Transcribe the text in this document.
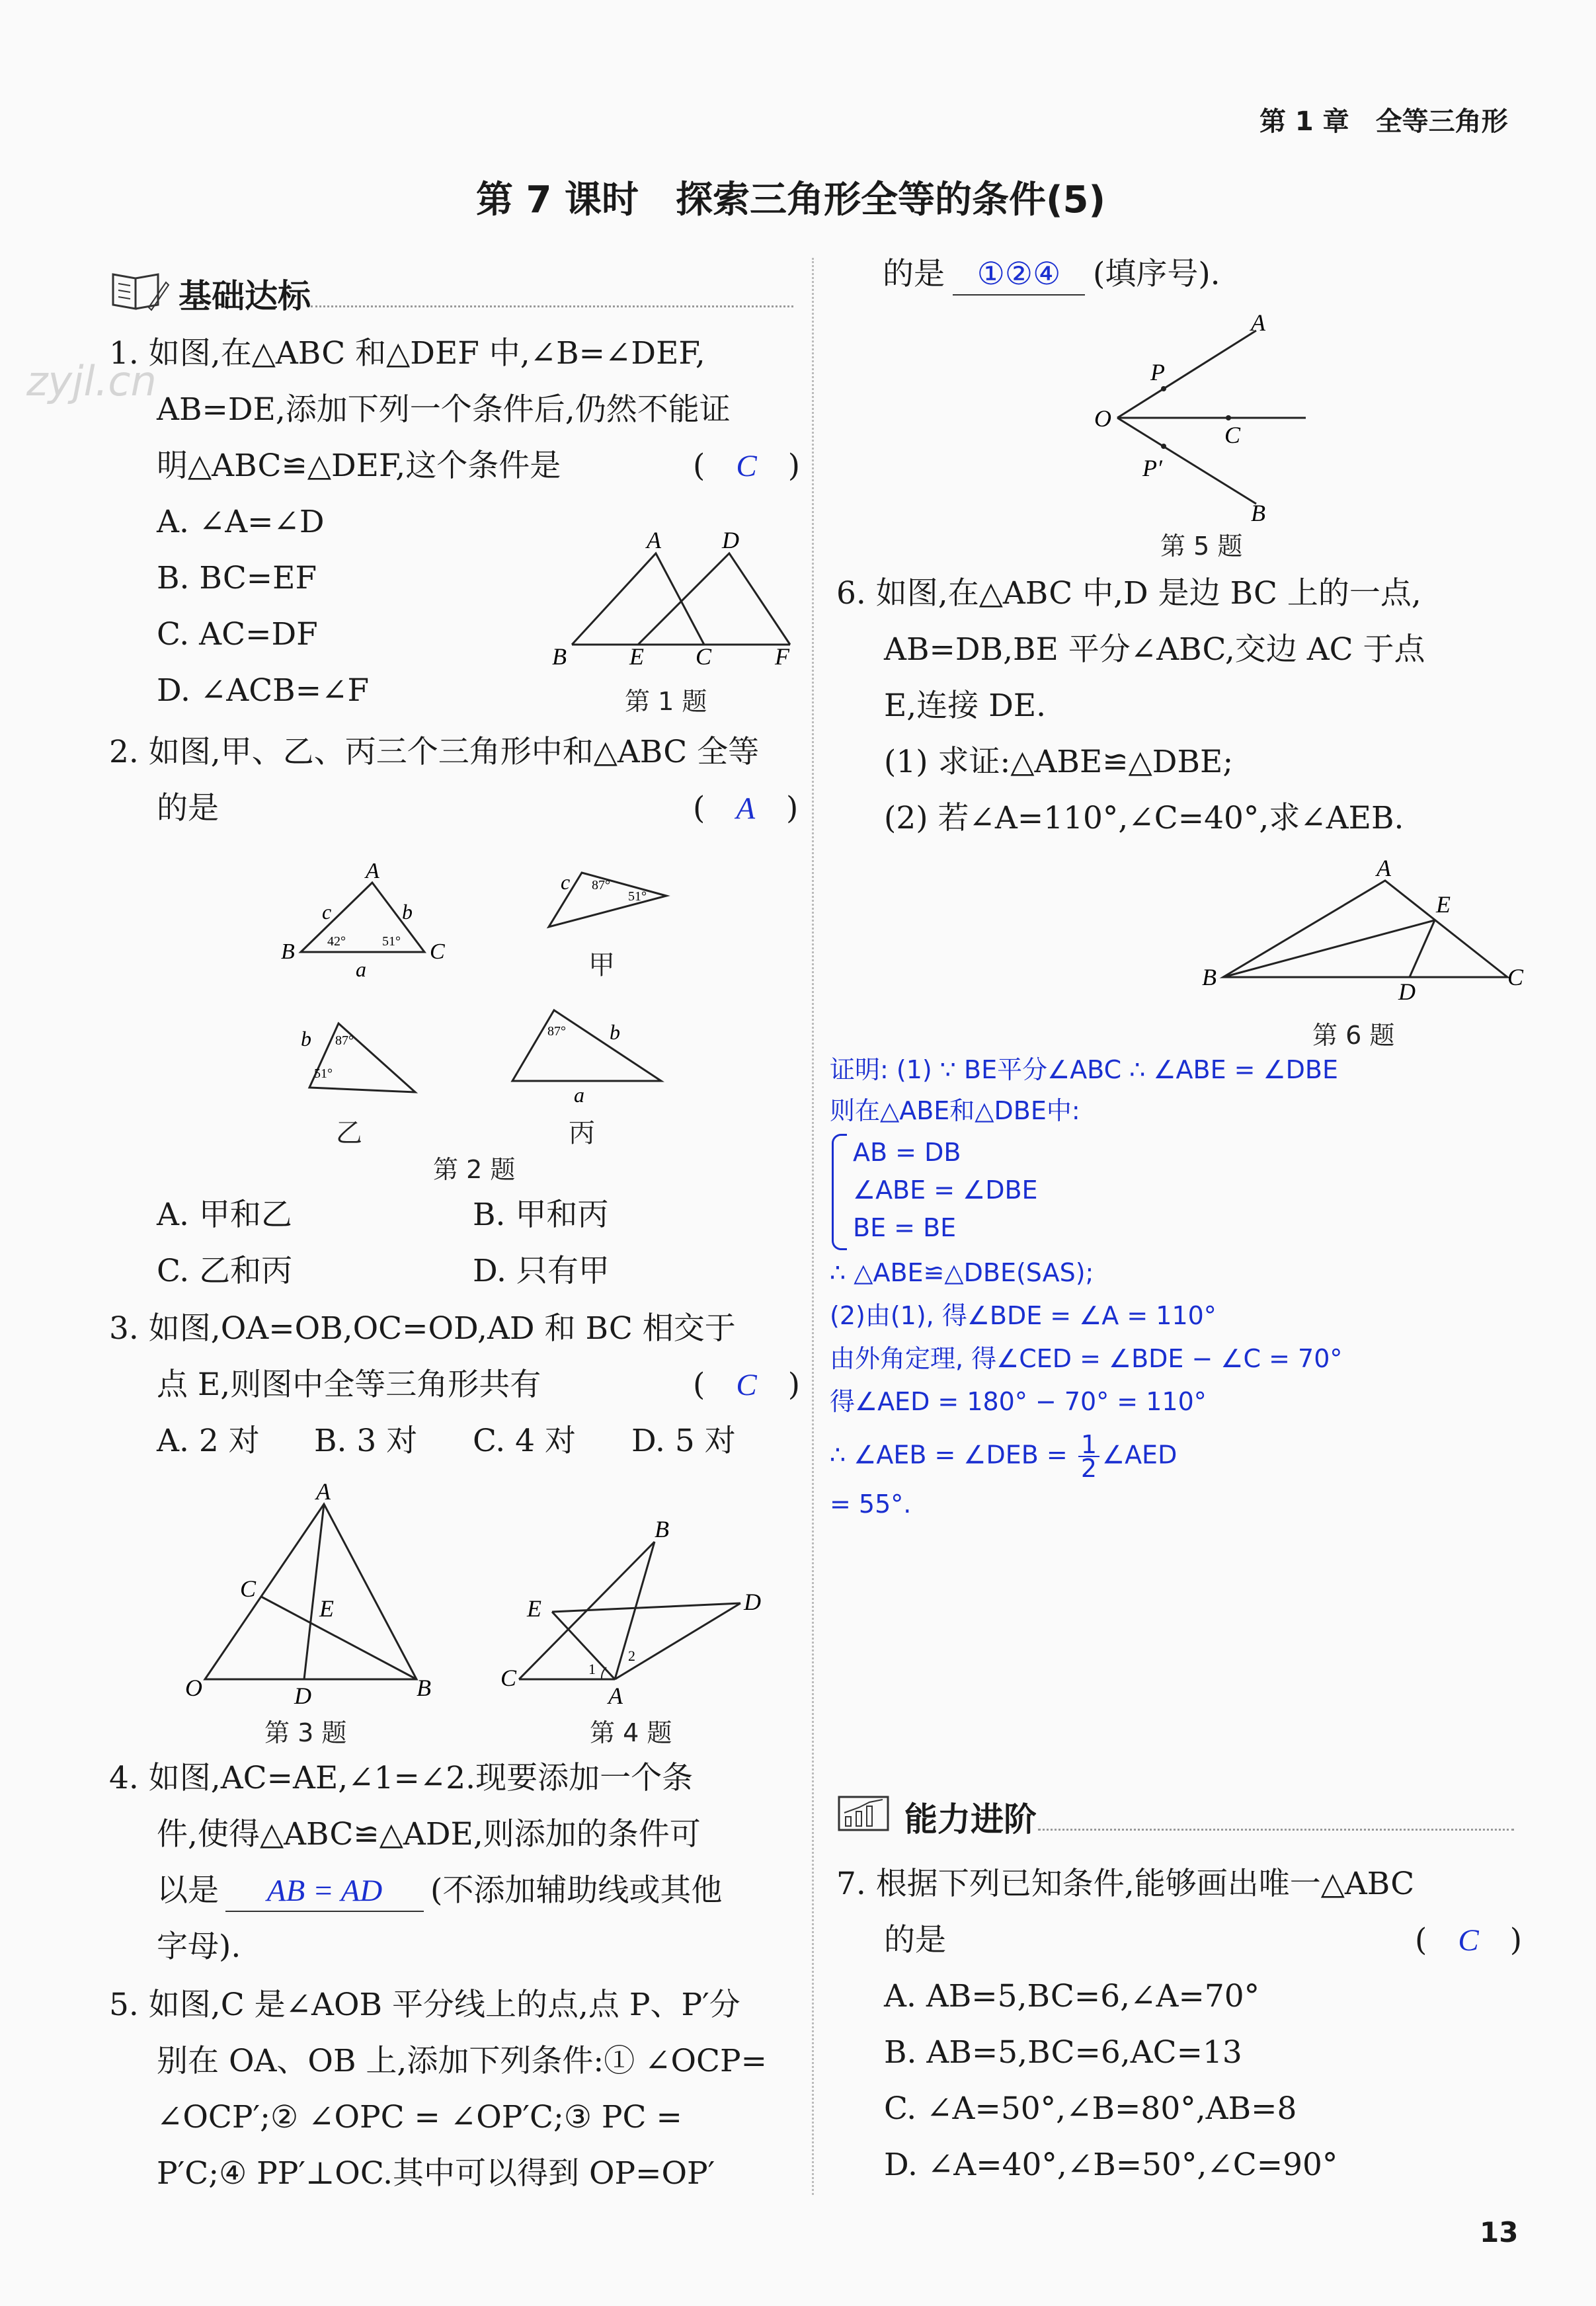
第 1 章　全等三角形
13
zyjl.cn
第 7 课时　探索三角形全等的条件(5)
基础达标
1. 如图,在△ABC 和△DEF 中,∠B=∠DEF,
AB=DE,添加下列一个条件后,仍然不能证
明△ABC≌△DEF,这个条件是	(　C　)
A. ∠A=∠D
B. BC=EF
C. AC=DF
D. ∠ACB=∠F
A	D
B	E C	F
第 1 题
2. 如图,甲、乙、丙三个三角形中和△ABC 全等
的是	(　A　)
A
B	C
c	b
a
42°	51°
c 87°
51°
b 87°
51°
87° b
a
甲
乙	丙
第 2 题
A. 甲和乙	B. 甲和丙
C. 乙和丙	D. 只有甲
3. 如图,OA=OB,OC=OD,AD 和 BC 相交于
点 E,则图中全等三角形共有	(　C　)
A. 2 对 B. 3 对 C. 4 对 D. 5 对
A
C
E
O	D	B
第 3 题
1
2
B
E	D
C
A
第 4 题
4. 如图,AC=AE,∠1=∠2.现要添加一个条
件,使得△ABC≌△ADE,则添加的条件可
以是 AB = AD (不添加辅助线或其他
字母).
5. 如图,C 是∠AOB 平分线上的点,点 P、P′分
别在 OA、OB 上,添加下列条件:① ∠OCP=
∠OCP′;② ∠OPC = ∠OP′C;③ PC =
P′C;④ PP′⊥OC.其中可以得到 OP=OP′
的是 ①②④ (填序号).
A
P
O
C
P′
B
第 5 题
6. 如图,在△ABC 中,D 是边 BC 上的一点,
AB=DB,BE 平分∠ABC,交边 AC 于点
E,连接 DE.
(1) 求证:△ABE≌△DBE;
(2) 若∠A=110°,∠C=40°,求∠AEB.
A
E
B
D
C
第 6 题
证明: (1) ∵ BE平分∠ABC ∴ ∠ABE = ∠DBE
则在△ABE和△DBE中:
AB = DB
∠ABE = ∠DBE
BE = BE
∴ △ABE≌△DBE(SAS);
(2)由(1), 得∠BDE = ∠A = 110°
由外角定理, 得∠CED = ∠BDE − ∠C = 70°
得∠AED = 180° − 70° = 110°
∴ ∠AEB = ∠DEB = $\frac{1}{2}$ ∠AED
= 55°.
能力进阶
7. 根据下列已知条件,能够画出唯一△ABC
的是	(　C　)
A. AB=5,BC=6,∠A=70°
B. AB=5,BC=6,AC=13
C. ∠A=50°,∠B=80°,AB=8
D. ∠A=40°,∠B=50°,∠C=90°
